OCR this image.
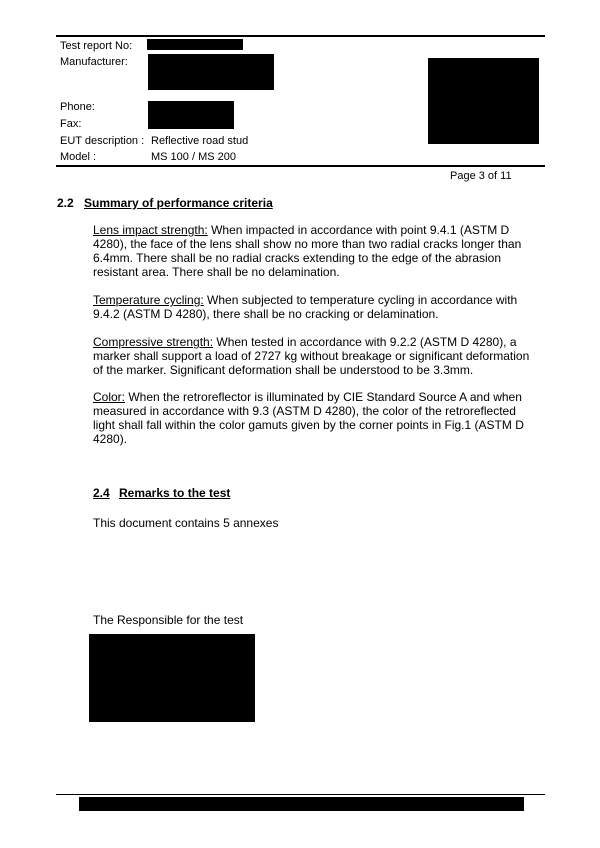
Test report No:
Manufacturer:
Phone:
Fax:
EUT description : Reflective road stud
Model :	MS 100 / MS 200
Page 3 of 11
2.2 Summary of performance criteria
Lens impact strength: When impacted in accordance with point 9.4.1 (ASTM D 4280), the face of the lens shall show no more than two radial cracks longer than 6.4mm. There shall be no radial cracks extending to the edge of the abrasion resistant area. There shall be no delamination.
Temperature cycling: When subjected to temperature cycling in accordance with 9.4.2 (ASTM D 4280), there shall be no cracking or delamination.
Compressive strength: When tested in accordance with 9.2.2 (ASTM D 4280), a marker shall support a load of 2727 kg without breakage or significant deformation of the marker. Significant deformation shall be understood to be 3.3mm.
Color: When the retroreflector is illuminated by CIE Standard Source A and when measured in accordance with 9.3 (ASTM D 4280), the color of the retroreflected light shall fall within the color gamuts given by the corner points in Fig.1 (ASTM D 4280).
2.4 Remarks to the test
This document contains 5 annexes
The Responsible for the test
